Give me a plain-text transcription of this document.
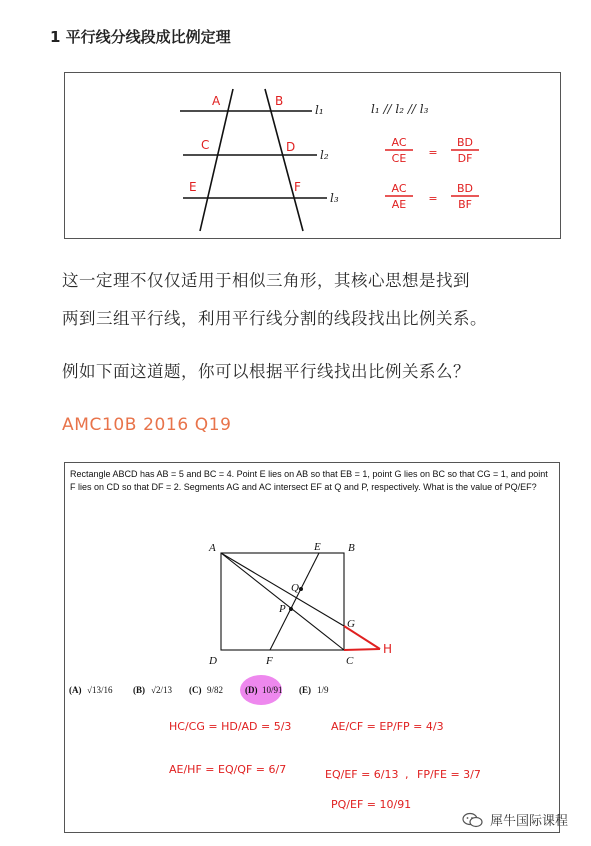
1 平行线分线段成比例定理
A	B
C	D
E	F
l₁
l₂
l₃
l₁ // l₂ // l₃
AC
CE =
BD
DF
AC
AE =
BD
BF
这一定理不仅仅适用于相似三角形，其核心思想是找到
两到三组平行线，利用平行线分割的线段找出比例关系。
例如下面这道题，你可以根据平行线找出比例关系么？
AMC10B 2016 Q19
Rectangle ABCD has AB = 5 and BC = 4. Point E lies on AB so that EB = 1, point G lies on BC so that CG = 1, and point F lies on CD so that DF = 2. Segments AG and AC intersect EF at Q and P, respectively. What is the value of PQ/EF?
A	E B
Q
P
G
D	F	C
H
(A) √13/16 (B) √2/13 (C) 9/82 (D) 10/91 (E) 1/9
HC/CG = HD/AD = 5/3	AE/CF = EP/FP = 4/3
AE/HF = EQ/QF = 6/7	EQ/EF = 6/13 FP/FE = 3/7
PQ/EF = 10/91
,
犀牛国际课程
